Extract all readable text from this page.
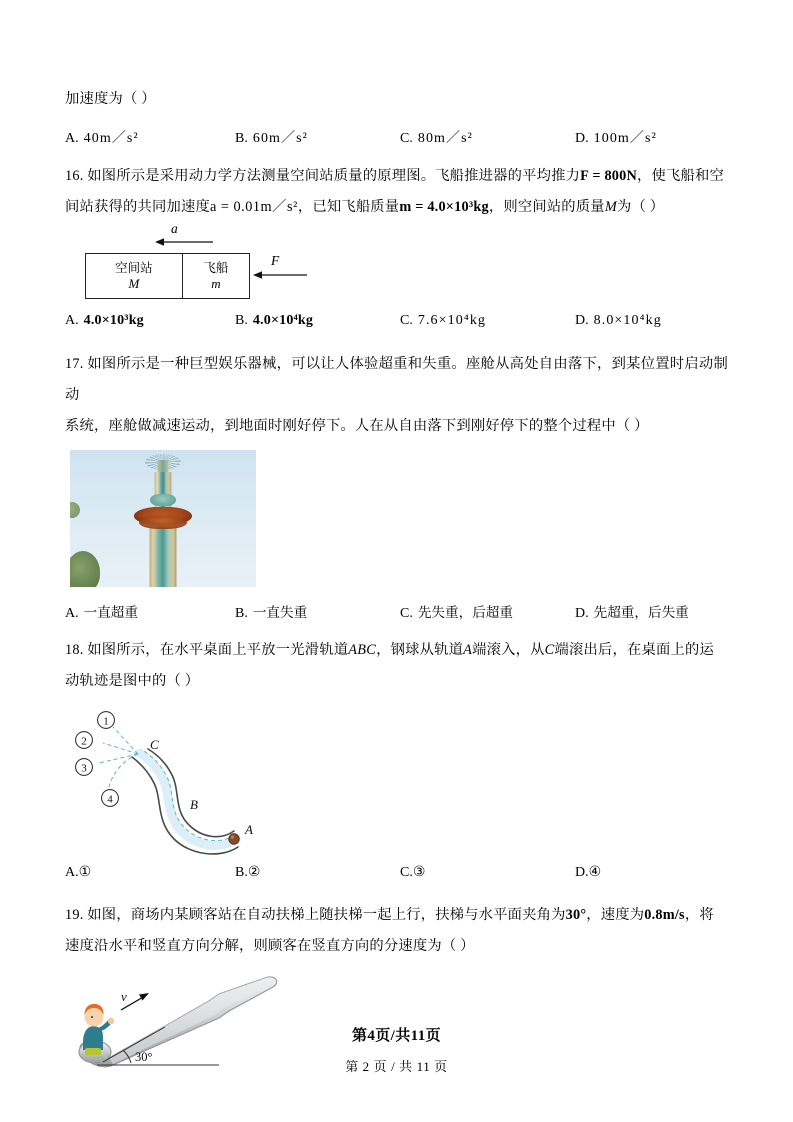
加速度为（ ）
A. 40m／s²	B. 60m／s²	C. 80m／s²	D. 100m／s²
16. 如图所示是采用动力学方法测量空间站质量的原理图。飞船推进器的平均推力F = 800N，使飞船和空
间站获得的共同加速度a = 0.01m／s²，已知飞船质量m = 4.0×10³kg，则空间站的质量M为（ ）
a
空间站
M
飞船
m
F
A. 4.0×10³kg	B. 4.0×10⁴kg	C. 7.6×10⁴kg	D. 8.0×10⁴kg
17. 如图所示是一种巨型娱乐器械，可以让人体验超重和失重。座舱从高处自由落下，到某位置时启动制动
系统，座舱做减速运动，到地面时刚好停下。人在从自由落下到刚好停下的整个过程中（ ）
A. 一直超重	B. 一直失重	C. 先失重，后超重	D. 先超重，后失重
18. 如图所示，在水平桌面上平放一光滑轨道ABC，钢球从轨道A端滚入，从C端滚出后，在桌面上的运
动轨迹是图中的（ ）
A
B
C
1
2
3
4
A.①	B.②	C.③	D.④
19. 如图，商场内某顾客站在自动扶梯上随扶梯一起上行，扶梯与水平面夹角为30°，速度为0.8m/s，将
速度沿水平和竖直方向分解，则顾客在竖直方向的分速度为（ ）
30°
v
第4页/共11页
第 2 页 / 共 11 页
